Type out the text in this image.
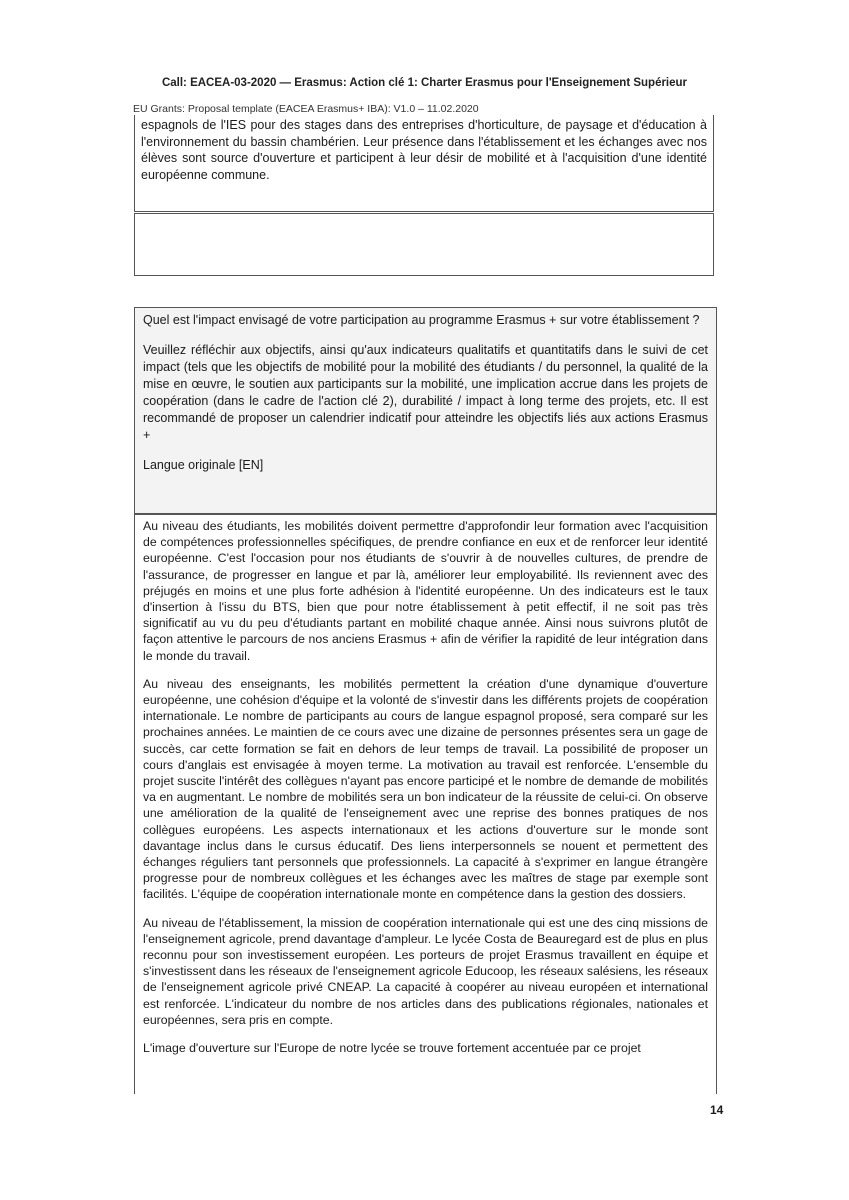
Call: EACEA-03-2020 — Erasmus: Action clé 1: Charter Erasmus pour l'Enseignement Supérieur
EU Grants: Proposal template (EACEA Erasmus+ IBA): V1.0 – 11.02.2020
espagnols de l'IES pour des stages dans des entreprises d'horticulture, de paysage et d'éducation à l'environnement du bassin chambérien. Leur présence dans l'établissement et les échanges avec nos élèves sont source d'ouverture et participent à leur désir de mobilité et à l'acquisition d'une identité européenne commune.

Quel est l'impact envisagé de votre participation au programme Erasmus + sur votre établissement ?

Veuillez réfléchir aux objectifs, ainsi qu'aux indicateurs qualitatifs et quantitatifs dans le suivi de cet impact (tels que les objectifs de mobilité pour la mobilité des étudiants / du personnel, la qualité de la mise en œuvre, le soutien aux participants sur la mobilité, une implication accrue dans les projets de coopération (dans le cadre de l'action clé 2), durabilité / impact à long terme des projets, etc. Il est recommandé de proposer un calendrier indicatif pour atteindre les objectifs liés aux actions Erasmus +

Langue originale [EN]

Au niveau des étudiants, les mobilités doivent permettre d'approfondir leur formation avec l'acquisition de compétences professionnelles spécifiques, de prendre confiance en eux et de renforcer leur identité européenne. C'est l'occasion pour nos étudiants de s'ouvrir à de nouvelles cultures, de prendre de l'assurance, de progresser en langue et par là, améliorer leur employabilité. Ils reviennent avec des préjugés en moins et une plus forte adhésion à l'identité européenne. Un des indicateurs est le taux d'insertion à l'issu du BTS, bien que pour notre établissement à petit effectif, il ne soit pas très significatif au vu du peu d'étudiants partant en mobilité chaque année. Ainsi nous suivrons plutôt de façon attentive le parcours de nos anciens Erasmus + afin de vérifier la rapidité de leur intégration dans le monde du travail.

Au niveau des enseignants, les mobilités permettent la création d'une dynamique d'ouverture européenne, une cohésion d'équipe et la volonté de s'investir dans les différents projets de coopération internationale. Le nombre de participants au cours de langue espagnol proposé, sera comparé sur les prochaines années. Le maintien de ce cours avec une dizaine de personnes présentes sera un gage de succès, car cette formation se fait en dehors de leur temps de travail. La possibilité de proposer un cours d'anglais est envisagée à moyen terme. La motivation au travail est renforcée. L'ensemble du projet suscite l'intérêt des collègues n'ayant pas encore participé et le nombre de demande de mobilités va en augmentant. Le nombre de mobilités sera un bon indicateur de la réussite de celui-ci. On observe une amélioration de la qualité de l'enseignement avec une reprise des bonnes pratiques de nos collègues européens. Les aspects internationaux et les actions d'ouverture sur le monde sont davantage inclus dans le cursus éducatif. Des liens interpersonnels se nouent et permettent des échanges réguliers tant personnels que professionnels. La capacité à s'exprimer en langue étrangère progresse pour de nombreux collègues et les échanges avec les maîtres de stage par exemple sont facilités. L'équipe de coopération internationale monte en compétence dans la gestion des dossiers.

Au niveau de l'établissement, la mission de coopération internationale qui est une des cinq missions de l'enseignement agricole, prend davantage d'ampleur. Le lycée Costa de Beauregard est de plus en plus reconnu pour son investissement européen. Les porteurs de projet Erasmus travaillent en équipe et s'investissent dans les réseaux de l'enseignement agricole Educoop, les réseaux salésiens, les réseaux de l'enseignement agricole privé CNEAP. La capacité à coopérer au niveau européen et international est renforcée. L'indicateur du nombre de nos articles dans des publications régionales, nationales et européennes, sera pris en compte.

L'image d'ouverture sur l'Europe de notre lycée se trouve fortement accentuée par ce projet

14
